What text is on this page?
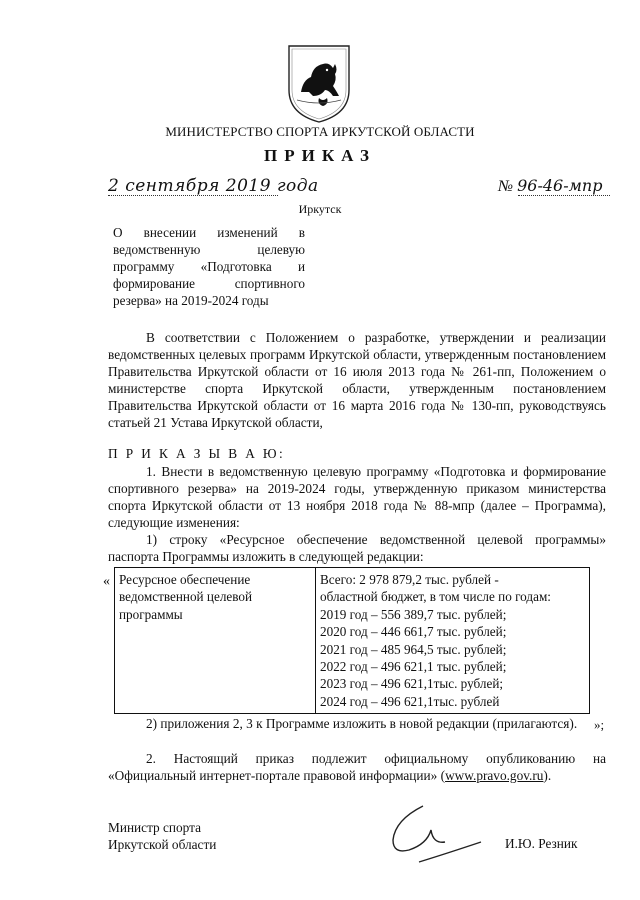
МИНИСТЕРСТВО СПОРТА ИРКУТСКОЙ ОБЛАСТИ
ПРИКАЗ
2 сентября 2019 года	№ 96-46-мпр
Иркутск
О внесении изменений в ведомственную целевую программу «Подготовка и формирование спортивного резерва» на 2019-2024 годы
В соответствии с Положением о разработке, утверждении и реализации ведомственных целевых программ Иркутской области, утвержденным постановлением Правительства Иркутской области от 16 июля 2013 года № 261-пп, Положением о министерстве спорта Иркутской области, утвержденным постановлением Правительства Иркутской области от 16 марта 2016 года № 130-пп, руководствуясь статьей 21 Устава Иркутской области,
П Р И К А З Ы В А Ю:
1. Внести в ведомственную целевую программу «Подготовка и формирование спортивного резерва» на 2019-2024 годы, утвержденную приказом министерства спорта Иркутской области от 13 ноября 2018 года № 88-мпр (далее – Программа), следующие изменения:
1) строку «Ресурсное обеспечение ведомственной целевой программы» паспорта Программы изложить в следующей редакции:
« Ресурсное обеспечение ведомственной целевой программы	
Всего: 2 978 879,2 тыс. рублей -
областной бюджет, в том числе по годам:
2019 год – 556 389,7 тыс. рублей;
2020 год – 446 661,7 тыс. рублей;
2021 год – 485 964,5 тыс. рублей;
2022 год – 496 621,1 тыс. рублей;
2023 год – 496 621,1тыс. рублей;
2024 год – 496 621,1тыс. рублей
»;
2) приложения 2, 3 к Программе изложить в новой редакции (прилагаются).
2. Настоящий приказ подлежит официальному опубликованию на «Официальный интернет-портале правовой информации» (www.pravo.gov.ru).
Министр спорта
Иркутской области	И.Ю. Резник
